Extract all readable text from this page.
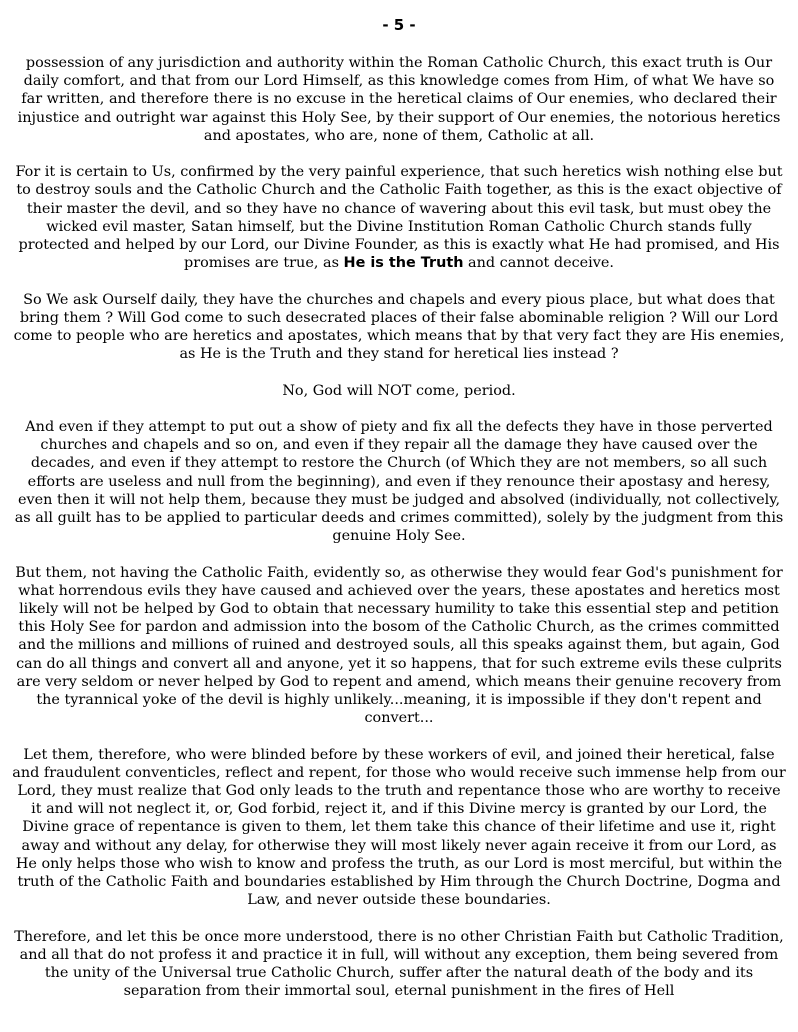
- 5 -

possession of any jurisdiction and authority within the Roman Catholic Church, this exact truth is Our daily comfort, and that from our Lord Himself, as this knowledge comes from Him, of what We have so far written, and therefore there is no excuse in the heretical claims of Our enemies, who declared their injustice and outright war against this Holy See, by their support of Our enemies, the notorious heretics and apostates, who are, none of them, Catholic at all.

For it is certain to Us, confirmed by the very painful experience, that such heretics wish nothing else but to destroy souls and the Catholic Church and the Catholic Faith together, as this is the exact objective of their master the devil, and so they have no chance of wavering about this evil task, but must obey the wicked evil master, Satan himself, but the Divine Institution Roman Catholic Church stands fully protected and helped by our Lord, our Divine Founder, as this is exactly what He had promised, and His promises are true, as He is the Truth and cannot deceive.

So We ask Ourself daily, they have the churches and chapels and every pious place, but what does that bring them ? Will God come to such desecrated places of their false abominable religion ? Will our Lord come to people who are heretics and apostates, which means that by that very fact they are His enemies, as He is the Truth and they stand for heretical lies instead ?

No, God will NOT come, period.

And even if they attempt to put out a show of piety and fix all the defects they have in those perverted churches and chapels and so on, and even if they repair all the damage they have caused over the decades, and even if they attempt to restore the Church (of Which they are not members, so all such efforts are useless and null from the beginning), and even if they renounce their apostasy and heresy, even then it will not help them, because they must be judged and absolved (individually, not collectively, as all guilt has to be applied to particular deeds and crimes committed), solely by the judgment from this genuine Holy See.

But them, not having the Catholic Faith, evidently so, as otherwise they would fear God's punishment for what horrendous evils they have caused and achieved over the years, these apostates and heretics most likely will not be helped by God to obtain that necessary humility to take this essential step and petition this Holy See for pardon and admission into the bosom of the Catholic Church, as the crimes committed and the millions and millions of ruined and destroyed souls, all this speaks against them, but again, God can do all things and convert all and anyone, yet it so happens, that for such extreme evils these culprits are very seldom or never helped by God to repent and amend, which means their genuine recovery from the tyrannical yoke of the devil is highly unlikely...meaning, it is impossible if they don't repent and convert...

Let them, therefore, who were blinded before by these workers of evil, and joined their heretical, false and fraudulent conventicles, reflect and repent, for those who would receive such immense help from our Lord, they must realize that God only leads to the truth and repentance those who are worthy to receive it and will not neglect it, or, God forbid, reject it, and if this Divine mercy is granted by our Lord, the Divine grace of repentance is given to them, let them take this chance of their lifetime and use it, right away and without any delay, for otherwise they will most likely never again receive it from our Lord, as He only helps those who wish to know and profess the truth, as our Lord is most merciful, but within the truth of the Catholic Faith and boundaries established by Him through the Church Doctrine, Dogma and Law, and never outside these boundaries.

Therefore, and let this be once more understood, there is no other Christian Faith but Catholic Tradition, and all that do not profess it and practice it in full, will without any exception, them being severed from the unity of the Universal true Catholic Church, suffer after the natural death of the body and its separation from their immortal soul, eternal punishment in the fires of Hell
